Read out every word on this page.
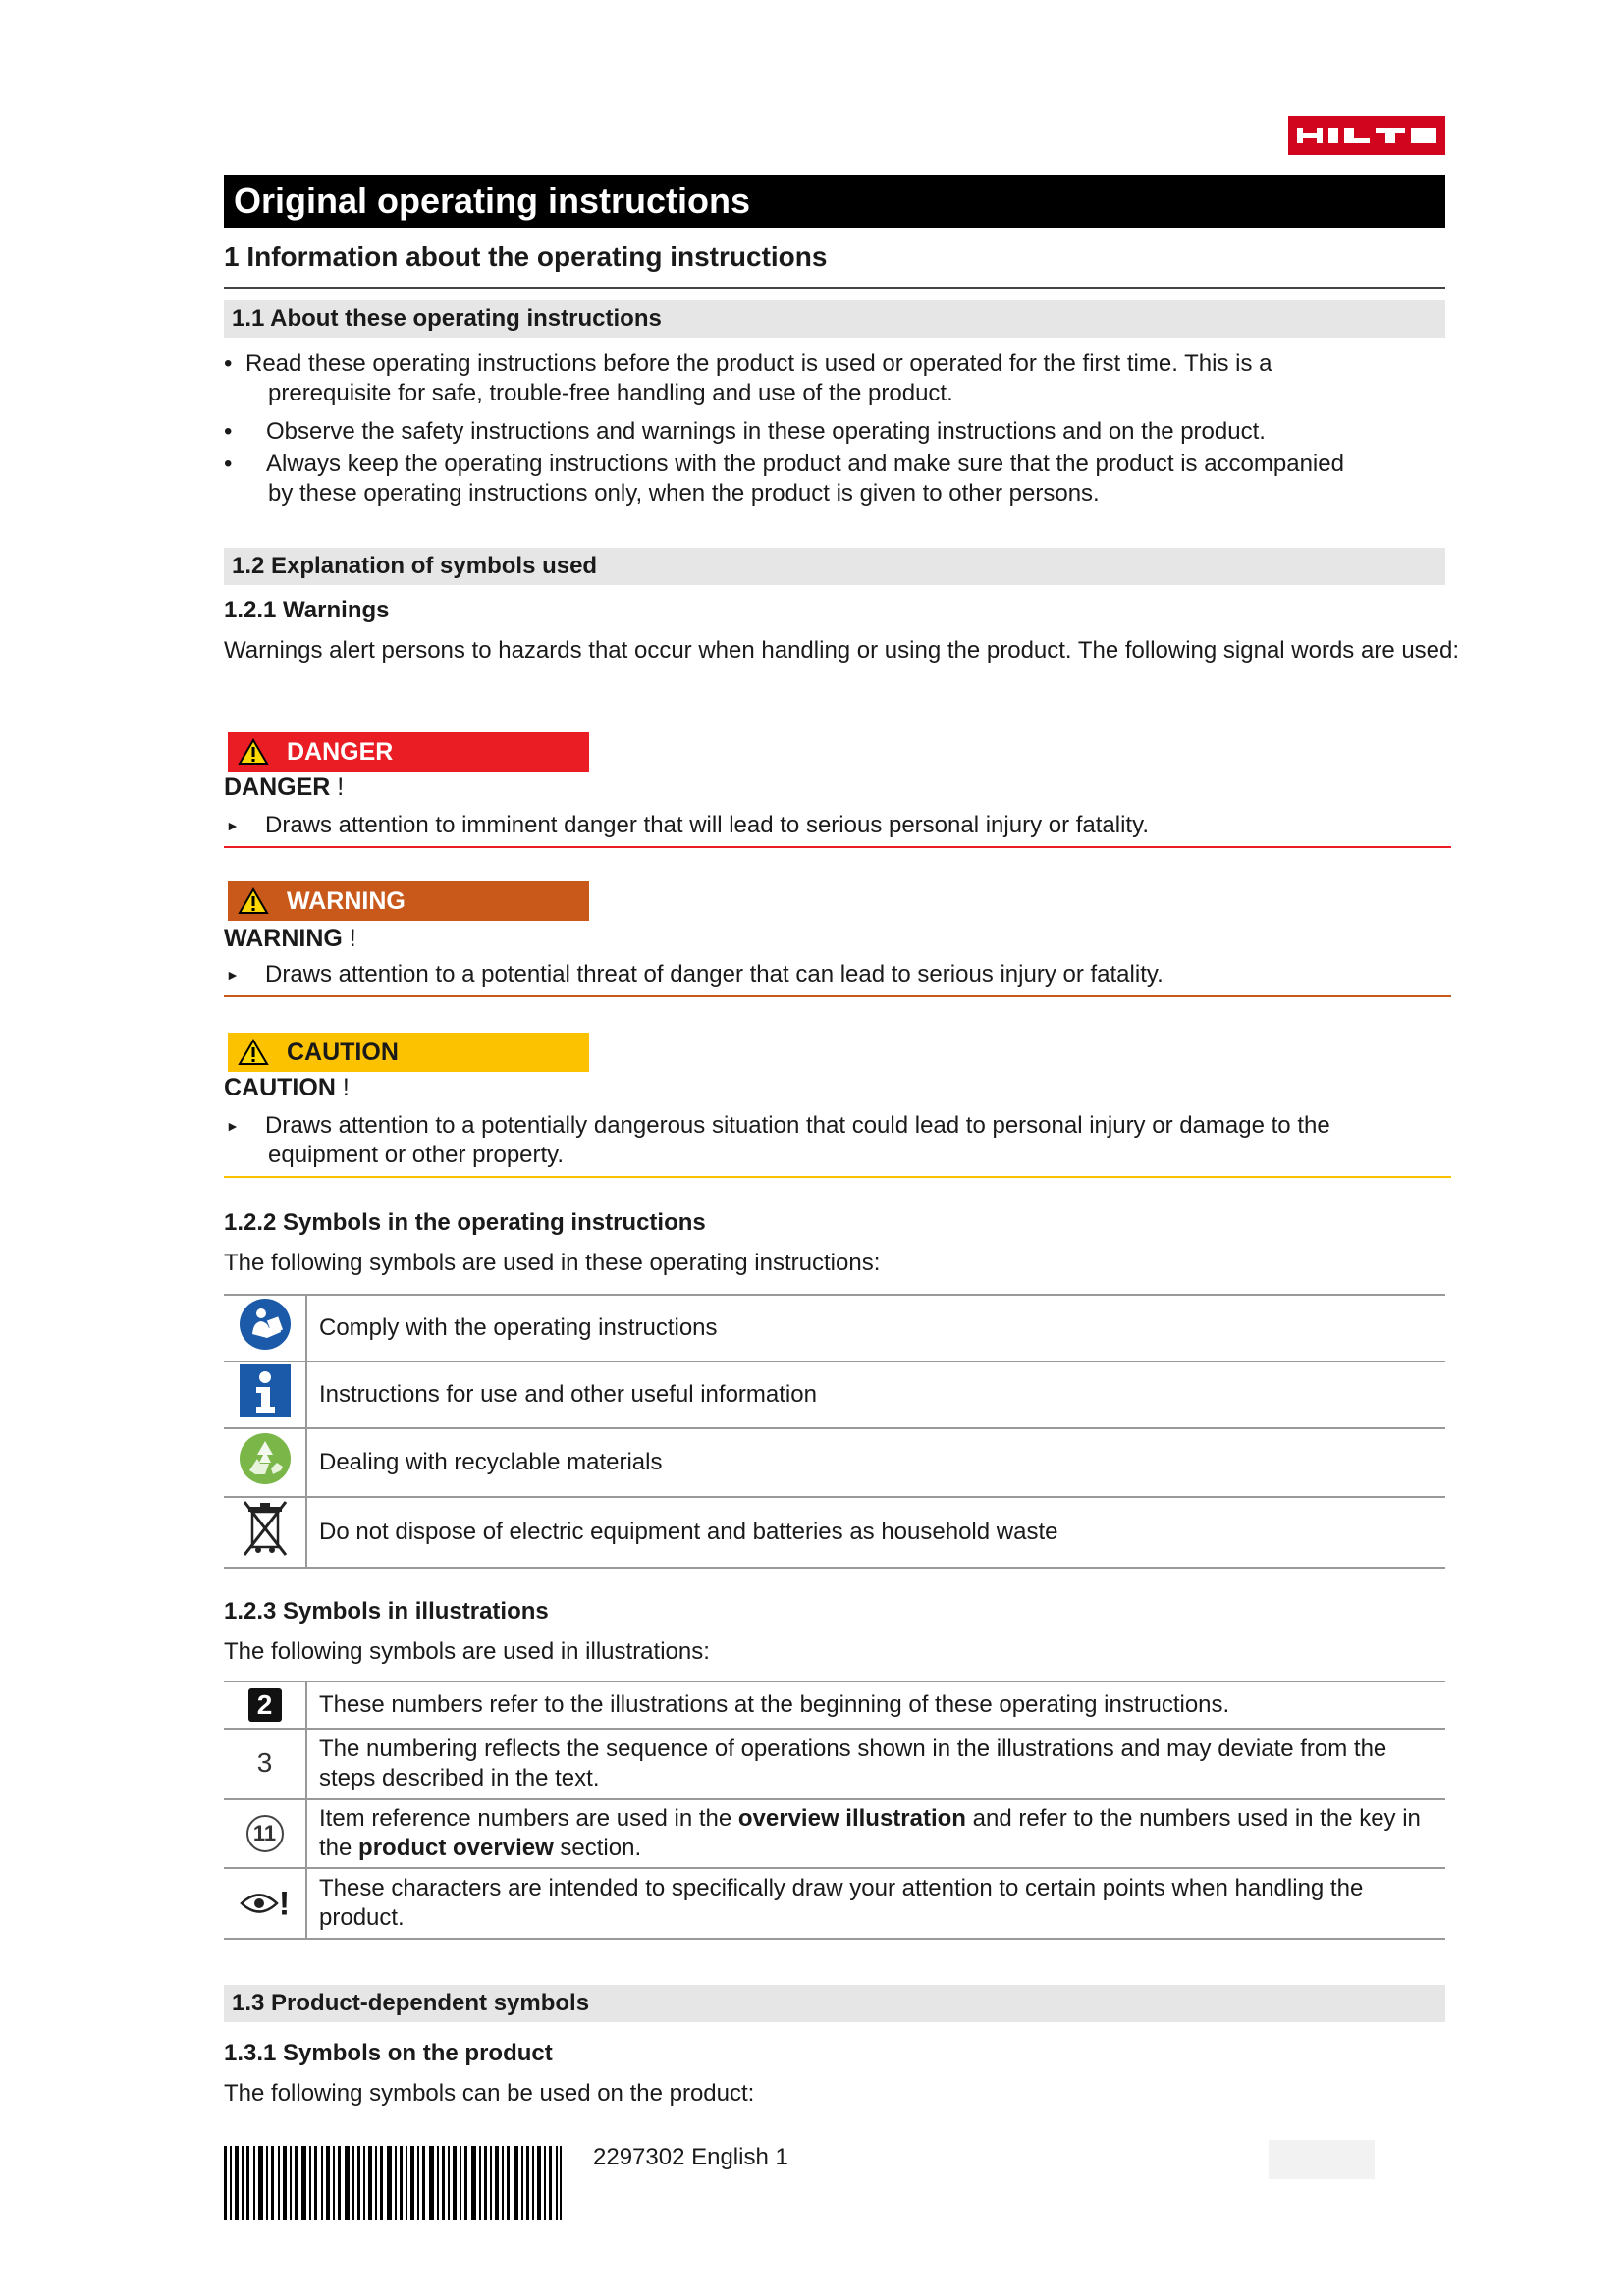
Original operating instructions
1 Information about the operating instructions
1.1 About these operating instructions
• Read these operating instructions before the product is used or operated for the first time. This is a
prerequisite for safe, trouble-free handling and use of the product.
•	Observe the safety instructions and warnings in these operating instructions and on the product.
•	Always keep the operating instructions with the product and make sure that the product is accompanied
by these operating instructions only, when the product is given to other persons.
1.2 Explanation of symbols used
1.2.1 Warnings
Warnings alert persons to hazards that occur when handling or using the product. The following signal words are used:
DANGER
DANGER !
►	Draws attention to imminent danger that will lead to serious personal injury or fatality.
WARNING
WARNING !
►	Draws attention to a potential threat of danger that can lead to serious injury or fatality.
CAUTION
CAUTION !
►	Draws attention to a potentially dangerous situation that could lead to personal injury or damage to the
equipment or other property.
1.2.2 Symbols in the operating instructions
The following symbols are used in these operating instructions:
	Comply with the operating instructions
	Instructions for use and other useful information
	Dealing with recyclable materials
	Do not dispose of electric equipment and batteries as household waste
1.2.3 Symbols in illustrations
The following symbols are used in illustrations:
2	These numbers refer to the illustrations at the beginning of these operating instructions.
3	The numbering reflects the sequence of operations shown in the illustrations and may deviate from the steps described in the text.
11	Item reference numbers are used in the overview illustration and refer to the numbers used in the key in the product overview section.
!	These characters are intended to specifically draw your attention to certain points when handling the product.
1.3 Product-dependent symbols
1.3.1 Symbols on the product
The following symbols can be used on the product:
2297302 English 1
